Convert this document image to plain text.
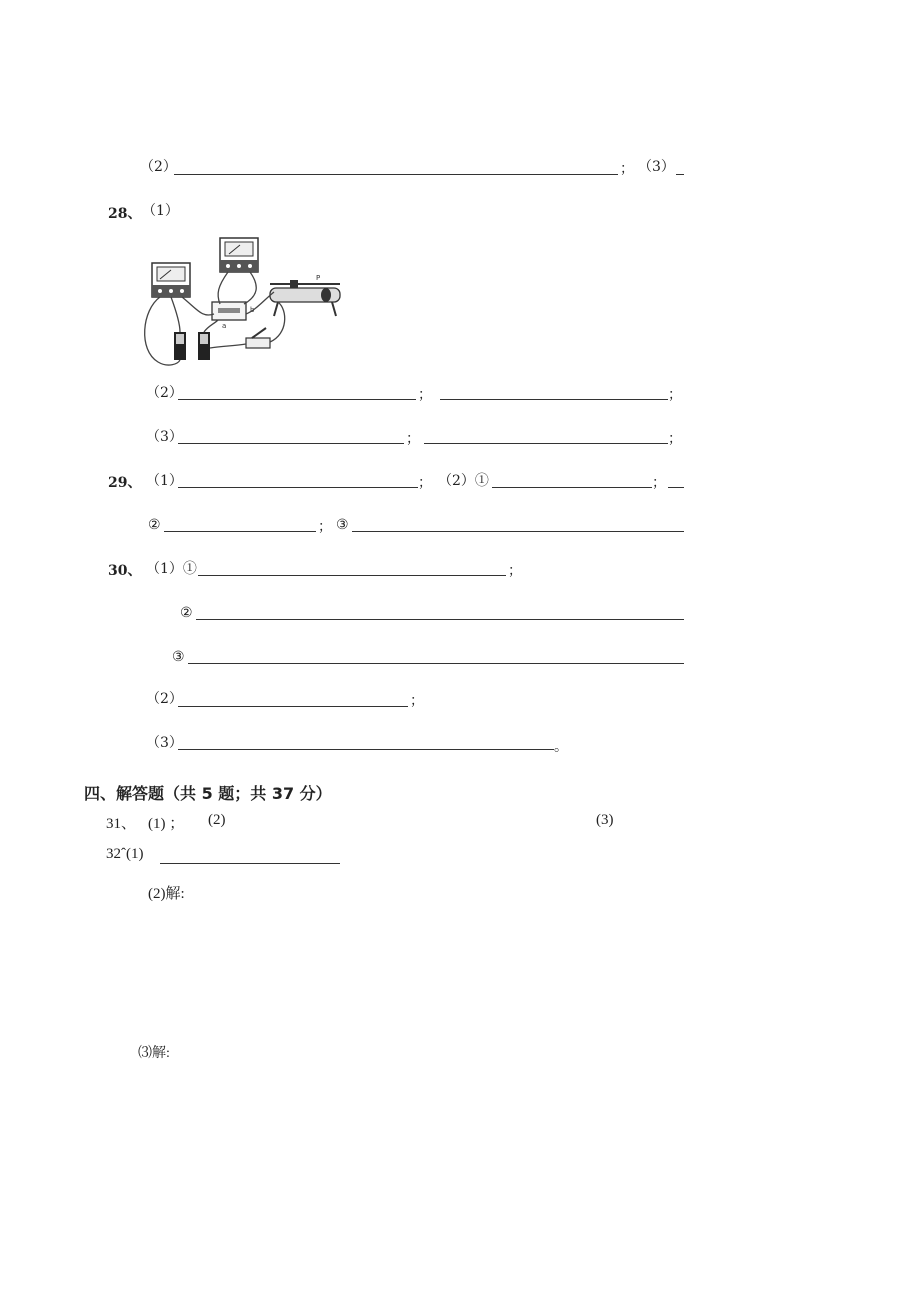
（2）	； （3）
28、 （1）
b
a
P
（2）	；	；
（3）	；	；
29、 （1）	； （2）①	；
②	； ③
30、 （1）①	；
②
③
（2）	；
（3）	。
四、解答题（共 5 题；共 37 分）
31、 (1) ； (2)	(3)
32ˆ(1)
(2)解:
⑶解:
